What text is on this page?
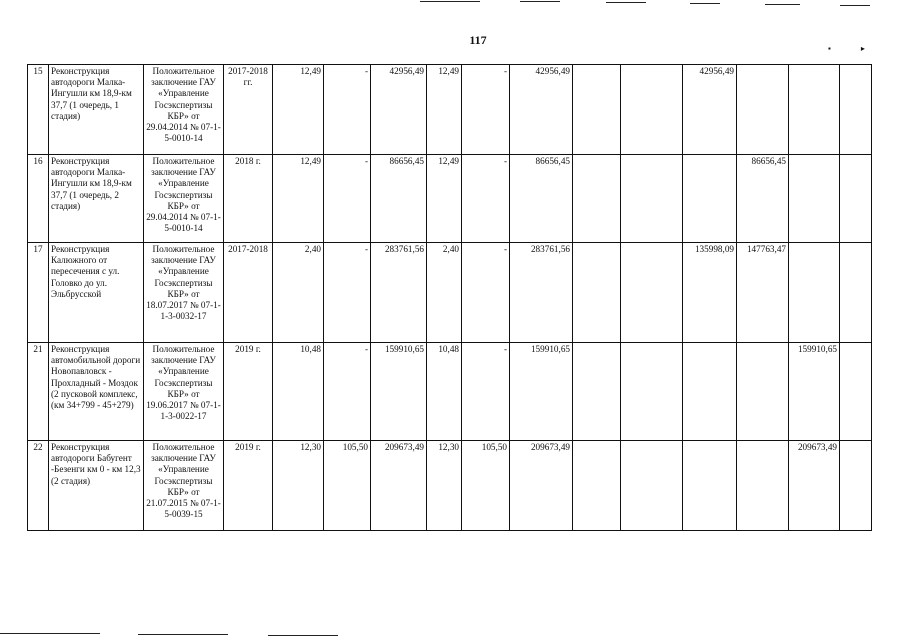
117
▪▸
15	Реконструкция автодороги Малка-Ингушли км 18,9-км 37,7 (1 очередь, 1 стадия)	Положительное заключение ГАУ «Управление Госэкспертизы КБР» от 29.04.2014 № 07-1-5-0010-14	2017-2018 гг.	12,49	-	42956,49	12,49	-	42956,49			42956,49			
16	Реконструкция автодороги Малка-Ингушли км 18,9-км 37,7 (1 очередь, 2 стадия)	Положительное заключение ГАУ «Управление Госэкспертизы КБР» от 29.04.2014 № 07-1-5-0010-14	2018 г.	12,49	-	86656,45	12,49	-	86656,45				86656,45		
17	Реконструкция Калюжного от пересечения с ул. Головко до ул. Эльбрусской	Положительное заключение ГАУ «Управление Госэкспертизы КБР» от 18.07.2017 № 07-1-1-3-0032-17	2017-2018	2,40	-	283761,56	2,40	-	283761,56			135998,09	147763,47		
21	Реконструкция автомобильной дороги Новопавловск - Прохладный - Моздок (2 пусковой комплекс, (км 34+799 - 45+279)	Положительное заключение ГАУ «Управление Госэкспертизы КБР» от 19.06.2017 № 07-1-1-3-0022-17	2019 г.	10,48	-	159910,65	10,48	-	159910,65					159910,65	
22	Реконструкция автодороги Бабугент -Безенги км 0 - км 12,3 (2 стадия)	Положительное заключение ГАУ «Управление Госэкспертизы КБР» от 21.07.2015 № 07-1-5-0039-15	2019 г.	12,30	105,50	209673,49	12,30	105,50	209673,49					209673,49	
